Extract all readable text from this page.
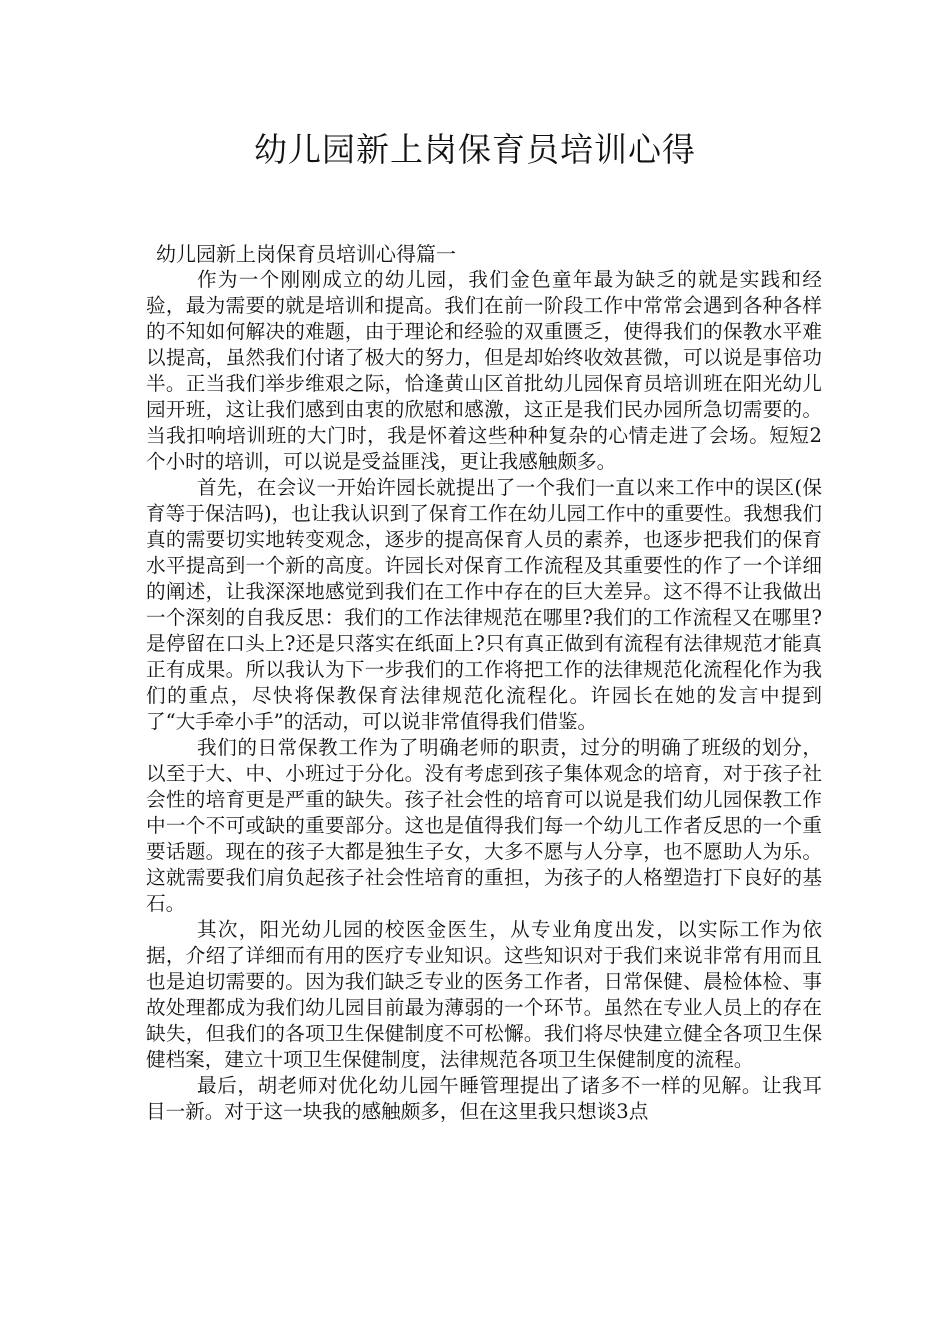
幼儿园新上岗保育员培训心得
幼儿园新上岗保育员培训心得篇一

作为一个刚刚成立的幼儿园，我们金色童年最为缺乏的就是实践和经验，最为需要的就是培训和提高。我们在前一阶段工作中常常会遇到各种各样的不知如何解决的难题，由于理论和经验的双重匮乏，使得我们的保教水平难以提高，虽然我们付诸了极大的努力，但是却始终收效甚微，可以说是事倍功半。正当我们举步维艰之际，恰逢黄山区首批幼儿园保育员培训班在阳光幼儿园开班，这让我们感到由衷的欣慰和感激，这正是我们民办园所急切需要的。当我扣响培训班的大门时，我是怀着这些种种复杂的心情走进了会场。短短2个小时的培训，可以说是受益匪浅，更让我感触颇多。

首先，在会议一开始许园长就提出了一个我们一直以来工作中的误区(保育等于保洁吗)，也让我认识到了保育工作在幼儿园工作中的重要性。我想我们真的需要切实地转变观念，逐步的提高保育人员的素养，也逐步把我们的保育水平提高到一个新的高度。许园长对保育工作流程及其重要性的作了一个详细的阐述，让我深深地感觉到我们在工作中存在的巨大差异。这不得不让我做出一个深刻的自我反思：我们的工作法律规范在哪里?我们的工作流程又在哪里?是停留在口头上?还是只落实在纸面上?只有真正做到有流程有法律规范才能真正有成果。所以我认为下一步我们的工作将把工作的法律规范化流程化作为我们的重点，尽快将保教保育法律规范化流程化。许园长在她的发言中提到了“大手牵小手”的活动，可以说非常值得我们借鉴。

我们的日常保教工作为了明确老师的职责，过分的明确了班级的划分，以至于大、中、小班过于分化。没有考虑到孩子集体观念的培育，对于孩子社会性的培育更是严重的缺失。孩子社会性的培育可以说是我们幼儿园保教工作中一个不可或缺的重要部分。这也是值得我们每一个幼儿工作者反思的一个重要话题。现在的孩子大都是独生子女，大多不愿与人分享，也不愿助人为乐。这就需要我们肩负起孩子社会性培育的重担，为孩子的人格塑造打下良好的基石。

其次，阳光幼儿园的校医金医生，从专业角度出发，以实际工作为依据，介绍了详细而有用的医疗专业知识。这些知识对于我们来说非常有用而且也是迫切需要的。因为我们缺乏专业的医务工作者，日常保健、晨检体检、事故处理都成为我们幼儿园目前最为薄弱的一个环节。虽然在专业人员上的存在缺失，但我们的各项卫生保健制度不可松懈。我们将尽快建立健全各项卫生保健档案，建立十项卫生保健制度，法律规范各项卫生保健制度的流程。

最后，胡老师对优化幼儿园午睡管理提出了诸多不一样的见解。让我耳目一新。对于这一块我的感触颇多，但在这里我只想谈3点
